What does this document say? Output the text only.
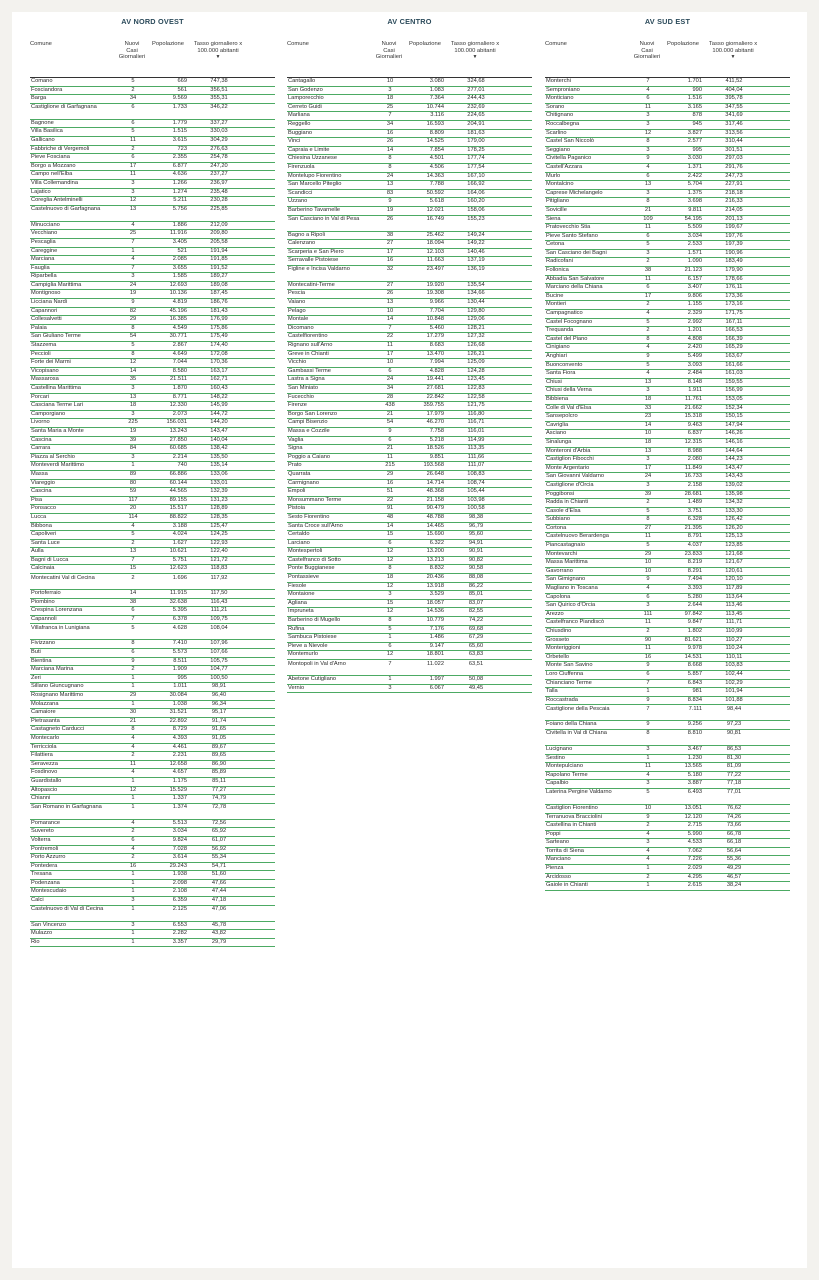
AV NORD OVEST
Comune	Nuovi Casi Giornalieri
Popolazione	Tasso giornaliero x 100.000 abitanti
▼
Comano	5	669	747,38
Fosciandora	2	561	356,51
Barga	34	9.569	355,31
Castiglione di Garfagnana	6	1.733	346,22
Bagnone	6	1.779	337,27
Villa Basilica	5	1.515	330,03
Gallicano	11	3.615	304,29
Fabbriche di Vergemoli	2	723	276,63
Pieve Fosciana	6	2.355	254,78
Borgo a Mozzano	17	6.877	247,20
Campo nell'Elba	11	4.636	237,27
Villa Collemandina	3	1.266	236,97
Lajatico	3	1.274	235,48
Coreglia Antelminelli	12	5.211	230,28
Castelnuovo di Garfagnana	13	5.756	225,85
Minucciano	4	1.886	212,09
Vecchiano	25	11.916	209,80
Pescaglia	7	3.405	205,58
Careggine	1	521	191,94
Marciana	4	2.085	191,85
Fauglia	7	3.655	191,52
Riparbella	3	1.585	189,27
Campiglia Marittima	24	12.693	189,08
Montignoso	19	10.136	187,45
Licciana Nardi	9	4.819	186,76
Capannori	82	45.196	181,43
Collesalvetti	29	16.385	176,99
Palaia	8	4.549	175,86
San Giuliano Terme	54	30.771	175,49
Stazzema	5	2.867	174,40
Peccioli	8	4.649	172,08
Forte dei Marmi	12	7.044	170,36
Vicopisano	14	8.580	163,17
Massarosa	35	21.511	162,71
Castellina Marittima	3	1.870	160,43
Porcari	13	8.771	148,22
Casciana Terme Lari	18	12.330	145,99
Camporgiano	3	2.073	144,72
Livorno	225	156.031	144,20
Santa Maria a Monte	19	13.243	143,47
Cascina	39	27.850	140,04
Carrara	84	60.685	138,42
Piazza al Serchio	3	2.214	135,50
Monteverdi Marittimo	1	740	135,14
Massa	89	66.886	133,06
Viareggio	80	60.144	133,01
Cascina	59	44.565	132,39
Pisa	117	89.155	131,23
Ponsacco	20	15.517	128,89
Lucca	114	88.822	128,35
Bibbona	4	3.188	125,47
Capoliveri	5	4.024	124,25
Santa Luce	2	1.627	122,93
Aulla	13	10.621	122,40
Bagni di Lucca	7	5.751	121,72
Calcinaia	15	12.623	118,83
Montecatini Val di Cecina	2	1.696	117,92
Portoferraio	14	11.915	117,50
Piombino	38	32.638	116,43
Crespina Lorenzana	6	5.395	111,21
Capannoli	7	6.378	109,75
Villafranca in Lunigiana	5	4.628	108,04
Fivizzano	8	7.410	107,96
Buti	6	5.573	107,66
Bientina	9	8.511	105,75
Marciana Marina	2	1.909	104,77
Zeri	1	995	100,50
Sillano Giuncugnano	1	1.011	98,91
Rosignano Marittimo	29	30.084	96,40
Molazzana	1	1.038	96,34
Camaiore	30	31.521	95,17
Pietrasanta	21	22.892	91,74
Castagneto Carducci	8	8.729	91,65
Montecarlo	4	4.393	91,05
Terricciola	4	4.461	89,67
Filattiera	2	2.231	89,65
Seravezza	11	12.658	86,90
Fosdinovo	4	4.657	85,89
Guardistallo	1	1.175	85,11
Altopascio	12	15.529	77,27
Chianni	1	1.337	74,79
San Romano in Garfagnana	1	1.374	72,78
Pomarance	4	5.513	72,56
Suvereto	2	3.034	65,92
Volterra	6	9.824	61,07
Pontremoli	4	7.028	56,92
Porto Azzurro	2	3.614	55,34
Pontedera	16	29.243	54,71
Tresana	1	1.938	51,60
Podenzana	1	2.098	47,66
Montescudaio	1	2.108	47,44
Calci	3	6.359	47,18
Castelnuovo di Val di Cecina	1	2.125	47,06
San Vincenzo	3	6.553	45,78
Mulazzo	1	2.282	43,82
Rio	1	3.357	29,79
AV CENTRO
Comune	Nuovi Casi Giornalieri
Popolazione	Tasso giornaliero x 100.000 abitanti
▼
Cantagallo	10	3.080	324,68
San Godenzo	3	1.083	277,01
Lamporecchio	18	7.364	244,43
Cerreto Guidi	25	10.744	232,69
Marliana	7	3.116	224,65
Reggello	34	16.593	204,91
Buggiano	16	8.809	181,63
Vinci	26	14.525	179,00
Capraia e Limite	14	7.854	178,25
Chiesina Uzzanese	8	4.501	177,74
Firenzuola	8	4.506	177,54
Montelupo Fiorentino	24	14.363	167,10
San Marcello Piteglio	13	7.788	166,92
Scandicci	83	50.592	164,06
Uzzano	9	5.618	160,20
Barberino Tavarnelle	19	12.021	158,06
San Casciano in Val di Pesa	26	16.749	155,23
Bagno a Ripoli	38	25.462	149,24
Calenzano	27	18.094	149,22
Scarperia e San Piero	17	12.103	140,46
Serravalle Pistoiese	16	11.663	137,19
Figline e Incisa Valdarno	32	23.497	136,19
Montecatini-Terme	27	19.920	135,54
Pescia	26	19.308	134,66
Vaiano	13	9.966	130,44
Pelago	10	7.704	129,80
Montale	14	10.848	129,06
Dicomano	7	5.460	128,21
Castelfiorentino	22	17.279	127,32
Rignano sull'Arno	11	8.683	126,68
Greve in Chianti	17	13.470	126,21
Vicchio	10	7.994	125,09
Gambassi Terme	6	4.828	124,28
Lastra a Signa	24	19.441	123,45
San Miniato	34	27.681	122,83
Fucecchio	28	22.842	122,58
Firenze	438	359.755	121,75
Borgo San Lorenzo	21	17.979	116,80
Campi Bisenzio	54	46.270	116,71
Massa e Cozzile	9	7.758	116,01
Vaglia	6	5.218	114,99
Signa	21	18.526	113,35
Poggio a Caiano	11	9.851	111,66
Prato	215	193.568	111,07
Quarrata	29	26.648	108,83
Carmignano	16	14.714	108,74
Empoli	51	48.368	105,44
Monsummano Terme	22	21.158	103,98
Pistoia	91	90.479	100,58
Sesto Fiorentino	48	48.788	98,38
Santa Croce sull'Arno	14	14.465	96,79
Certaldo	15	15.690	95,60
Larciano	6	6.322	94,91
Montespertoli	12	13.200	90,91
Castelfranco di Sotto	12	13.213	90,82
Ponte Buggianese	8	8.832	90,58
Pontassieve	18	20.436	88,08
Fiesole	12	13.918	86,22
Montaione	3	3.529	85,01
Agliana	15	18.057	83,07
Impruneta	12	14.536	82,55
Barberino di Mugello	8	10.779	74,22
Rufina	5	7.176	69,68
Sambuca Pistoiese	1	1.486	67,29
Pieve a Nievole	6	9.147	65,60
Montemurlo	12	18.801	63,83
Montopoli in Val d'Arno	7	11.022	63,51
Abetone Cutigliano	1	1.997	50,08
Vernio	3	6.067	49,45
AV SUD EST
Comune	Nuovi Casi Giornalieri
Popolazione	Tasso giornaliero x 100.000 abitanti
▼
Monterchi	7	1.701	411,52
Semproniano	4	990	404,04
Monticiano	6	1.516	395,78
Sorano	11	3.165	347,55
Chitignano	3	878	341,69
Roccalbegna	3	945	317,46
Scarlino	12	3.827	313,56
Castel San Niccolò	8	2.577	310,44
Seggiano	3	995	301,51
Civitella Paganico	9	3.030	297,03
Castell'Azzara	4	1.371	291,76
Murlo	6	2.422	247,73
Montalcino	13	5.704	227,91
Caprese Michelangelo	3	1.375	218,18
Pitigliano	8	3.698	216,33
Sovicille	21	9.811	214,05
Siena	109	54.195	201,13
Pratovecchio Stia	11	5.509	199,67
Pieve Santo Stefano	6	3.034	197,76
Cetona	5	2.533	197,39
San Casciano dei Bagni	3	1.571	190,96
Radicofani	2	1.090	183,49
Follonica	38	21.123	179,90
Abbadia San Salvatore	11	6.157	178,66
Marciano della Chiana	6	3.407	176,11
Bucine	17	9.806	173,36
Montieri	2	1.155	173,16
Campagnatico	4	2.329	171,75
Castel Focognano	5	2.992	167,11
Trequanda	2	1.201	166,53
Castel del Piano	8	4.808	166,39
Cinigiano	4	2.420	165,29
Anghiari	9	5.499	163,67
Buonconvento	5	3.093	161,66
Santa Fiora	4	2.484	161,03
Chiusi	13	8.148	159,55
Chiusi della Verna	3	1.911	156,99
Bibbiena	18	11.761	153,05
Colle di Val d'Elsa	33	21.662	152,34
Sansepolcro	23	15.318	150,15
Cavriglia	14	9.463	147,94
Asciano	10	6.837	146,26
Sinalunga	18	12.315	146,16
Monteroni d'Arbia	13	8.988	144,64
Castiglion Fibocchi	3	2.080	144,23
Monte Argentario	17	11.849	143,47
San Giovanni Valdarno	24	16.733	143,43
Castiglione d'Orcia	3	2.158	139,02
Poggibonsi	39	28.681	135,98
Radda in Chianti	2	1.489	134,32
Casole d'Elsa	5	3.751	133,30
Subbiano	8	6.328	126,42
Cortona	27	21.395	126,20
Castelnuovo Berardenga	11	8.791	125,13
Piancastagnaio	5	4.037	123,85
Montevarchi	29	23.833	121,68
Massa Marittima	10	8.219	121,67
Gavorrano	10	8.291	120,61
San Gimignano	9	7.494	120,10
Magliano in Toscana	4	3.393	117,89
Capolona	6	5.280	113,64
San Quirico d'Orcia	3	2.644	113,46
Arezzo	111	97.842	113,45
Castelfranco Piandiscò	11	9.847	111,71
Chiusdino	2	1.802	110,99
Grosseto	90	81.621	110,27
Monteriggioni	11	9.978	110,24
Orbetello	16	14.531	110,11
Monte San Savino	9	8.668	103,83
Loro Ciuffenna	6	5.857	102,44
Chianciano Terme	7	6.843	102,29
Talla	1	981	101,94
Roccastrada	9	8.834	101,88
Castiglione della Pescaia	7	7.111	98,44
Foiano della Chiana	9	9.256	97,23
Civitella in Val di Chiana	8	8.810	90,81
Lucignano	3	3.467	86,53
Sestino	1	1.230	81,30
Montepulciano	11	13.565	81,09
Rapolano Terme	4	5.180	77,22
Capalbio	3	3.887	77,18
Laterina Pergine Valdarno	5	6.493	77,01
Castiglion Fiorentino	10	13.051	76,62
Terranuova Bracciolini	9	12.120	74,26
Castellina in Chianti	2	2.715	73,66
Poppi	4	5.990	66,78
Sarteano	3	4.533	66,18
Torrita di Siena	4	7.062	56,64
Manciano	4	7.226	55,36
Pienza	1	2.029	49,29
Arcidosso	2	4.295	46,57
Gaiole in Chianti	1	2.615	38,24
